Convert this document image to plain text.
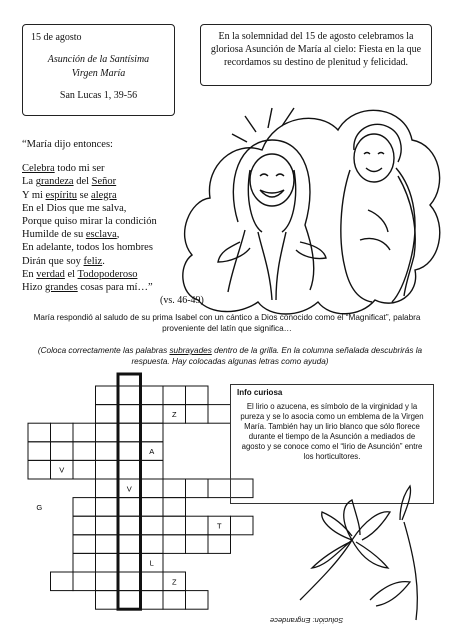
15 de agosto
Asunción de la Santísima
Virgen María
San Lucas 1, 39-56
En la solemnidad del 15 de agosto celebramos la gloriosa Asunción de María al cielo: Fiesta en la que recordamos su destino de plenitud y felicidad.
“María dijo entonces:
Celebra todo mi ser
La grandeza del Señor
Y mi espíritu se alegra
En el Dios que me salva,
Porque quiso mirar la condición
Humilde de su esclava,
En adelante, todos los hombres
Dirán que soy feliz.
En verdad el Todopoderoso
Hizo grandes cosas para mí…”
(vs. 46-49)
María respondió al saludo de su prima Isabel con un cántico a Dios conocido como el “Magnificat”, palabra proveniente del latín que significa…
(Coloca correctamente las palabras subrayades dentro de la grilla. En la columna señalada descubrirás la respuesta. Hay colocadas algunas letras como ayuda)
Z
A
V
V
G
T
L
Z
Info curiosa
El lirio o azucena, es símbolo de la virginidad y la pureza y se lo asocia como un emblema de la Virgen María. También hay un lirio blanco que sólo florece durante el tiempo de la Asunción a mediados de agosto y se conoce como el “lirio de Asunción” entre los horticultores.
Solución: Engrandece
